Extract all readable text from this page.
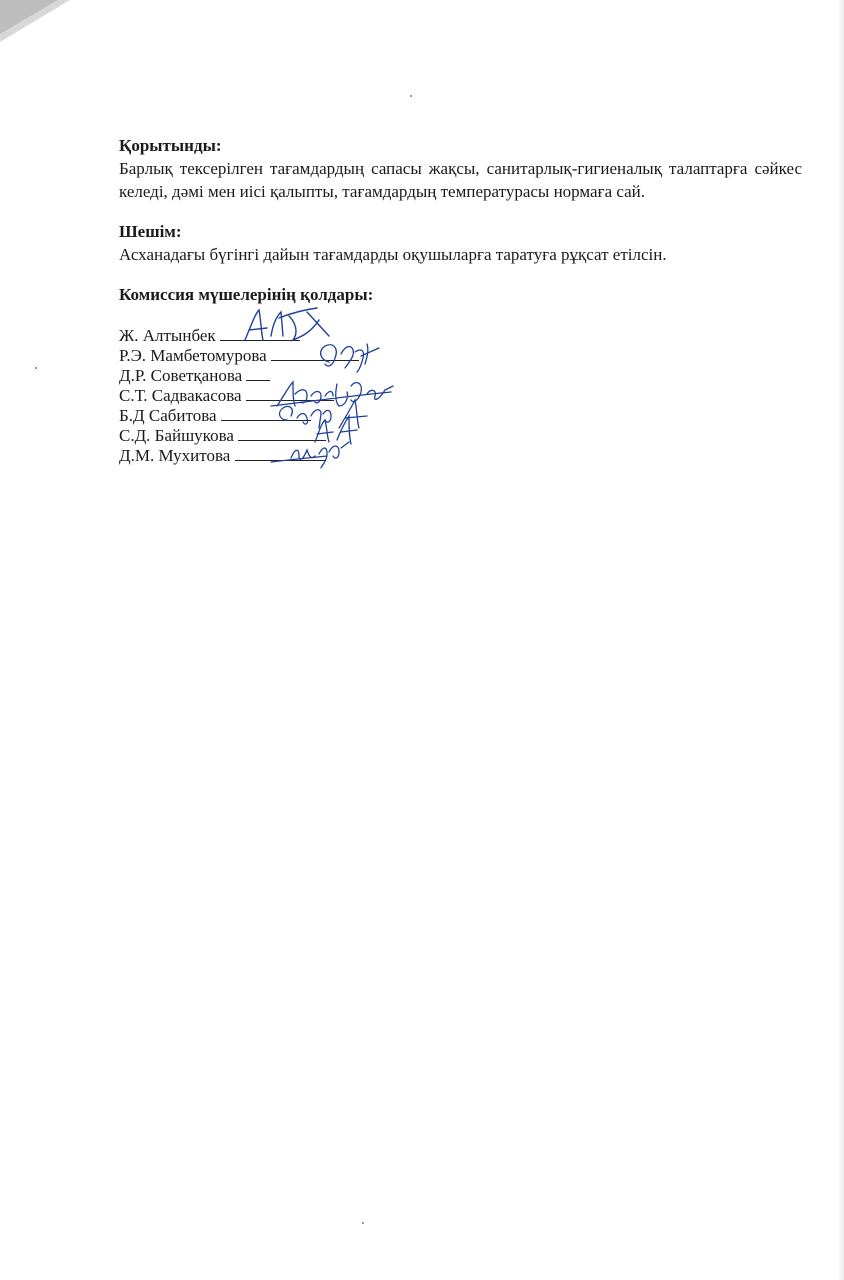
Қорытынды:

Барлық тексерілген тағамдардың сапасы жақсы, санитарлық-гигиеналық талаптарға сәйкес келеді, дәмі мен иісі қалыпты, тағамдардың температурасы нормаға сай.

Шешім:

Асханадағы бүгінгі дайын тағамдарды оқушыларға таратуға рұқсат етілсін.

Комиссия мүшелерінің қолдары:

Ж. Алтынбек
Р.Э. Мамбетомурова
Д.Р. Советқанова
С.Т. Садвакасова
Б.Д Сабитова
С.Д. Байшукова
Д.М. Мухитова
